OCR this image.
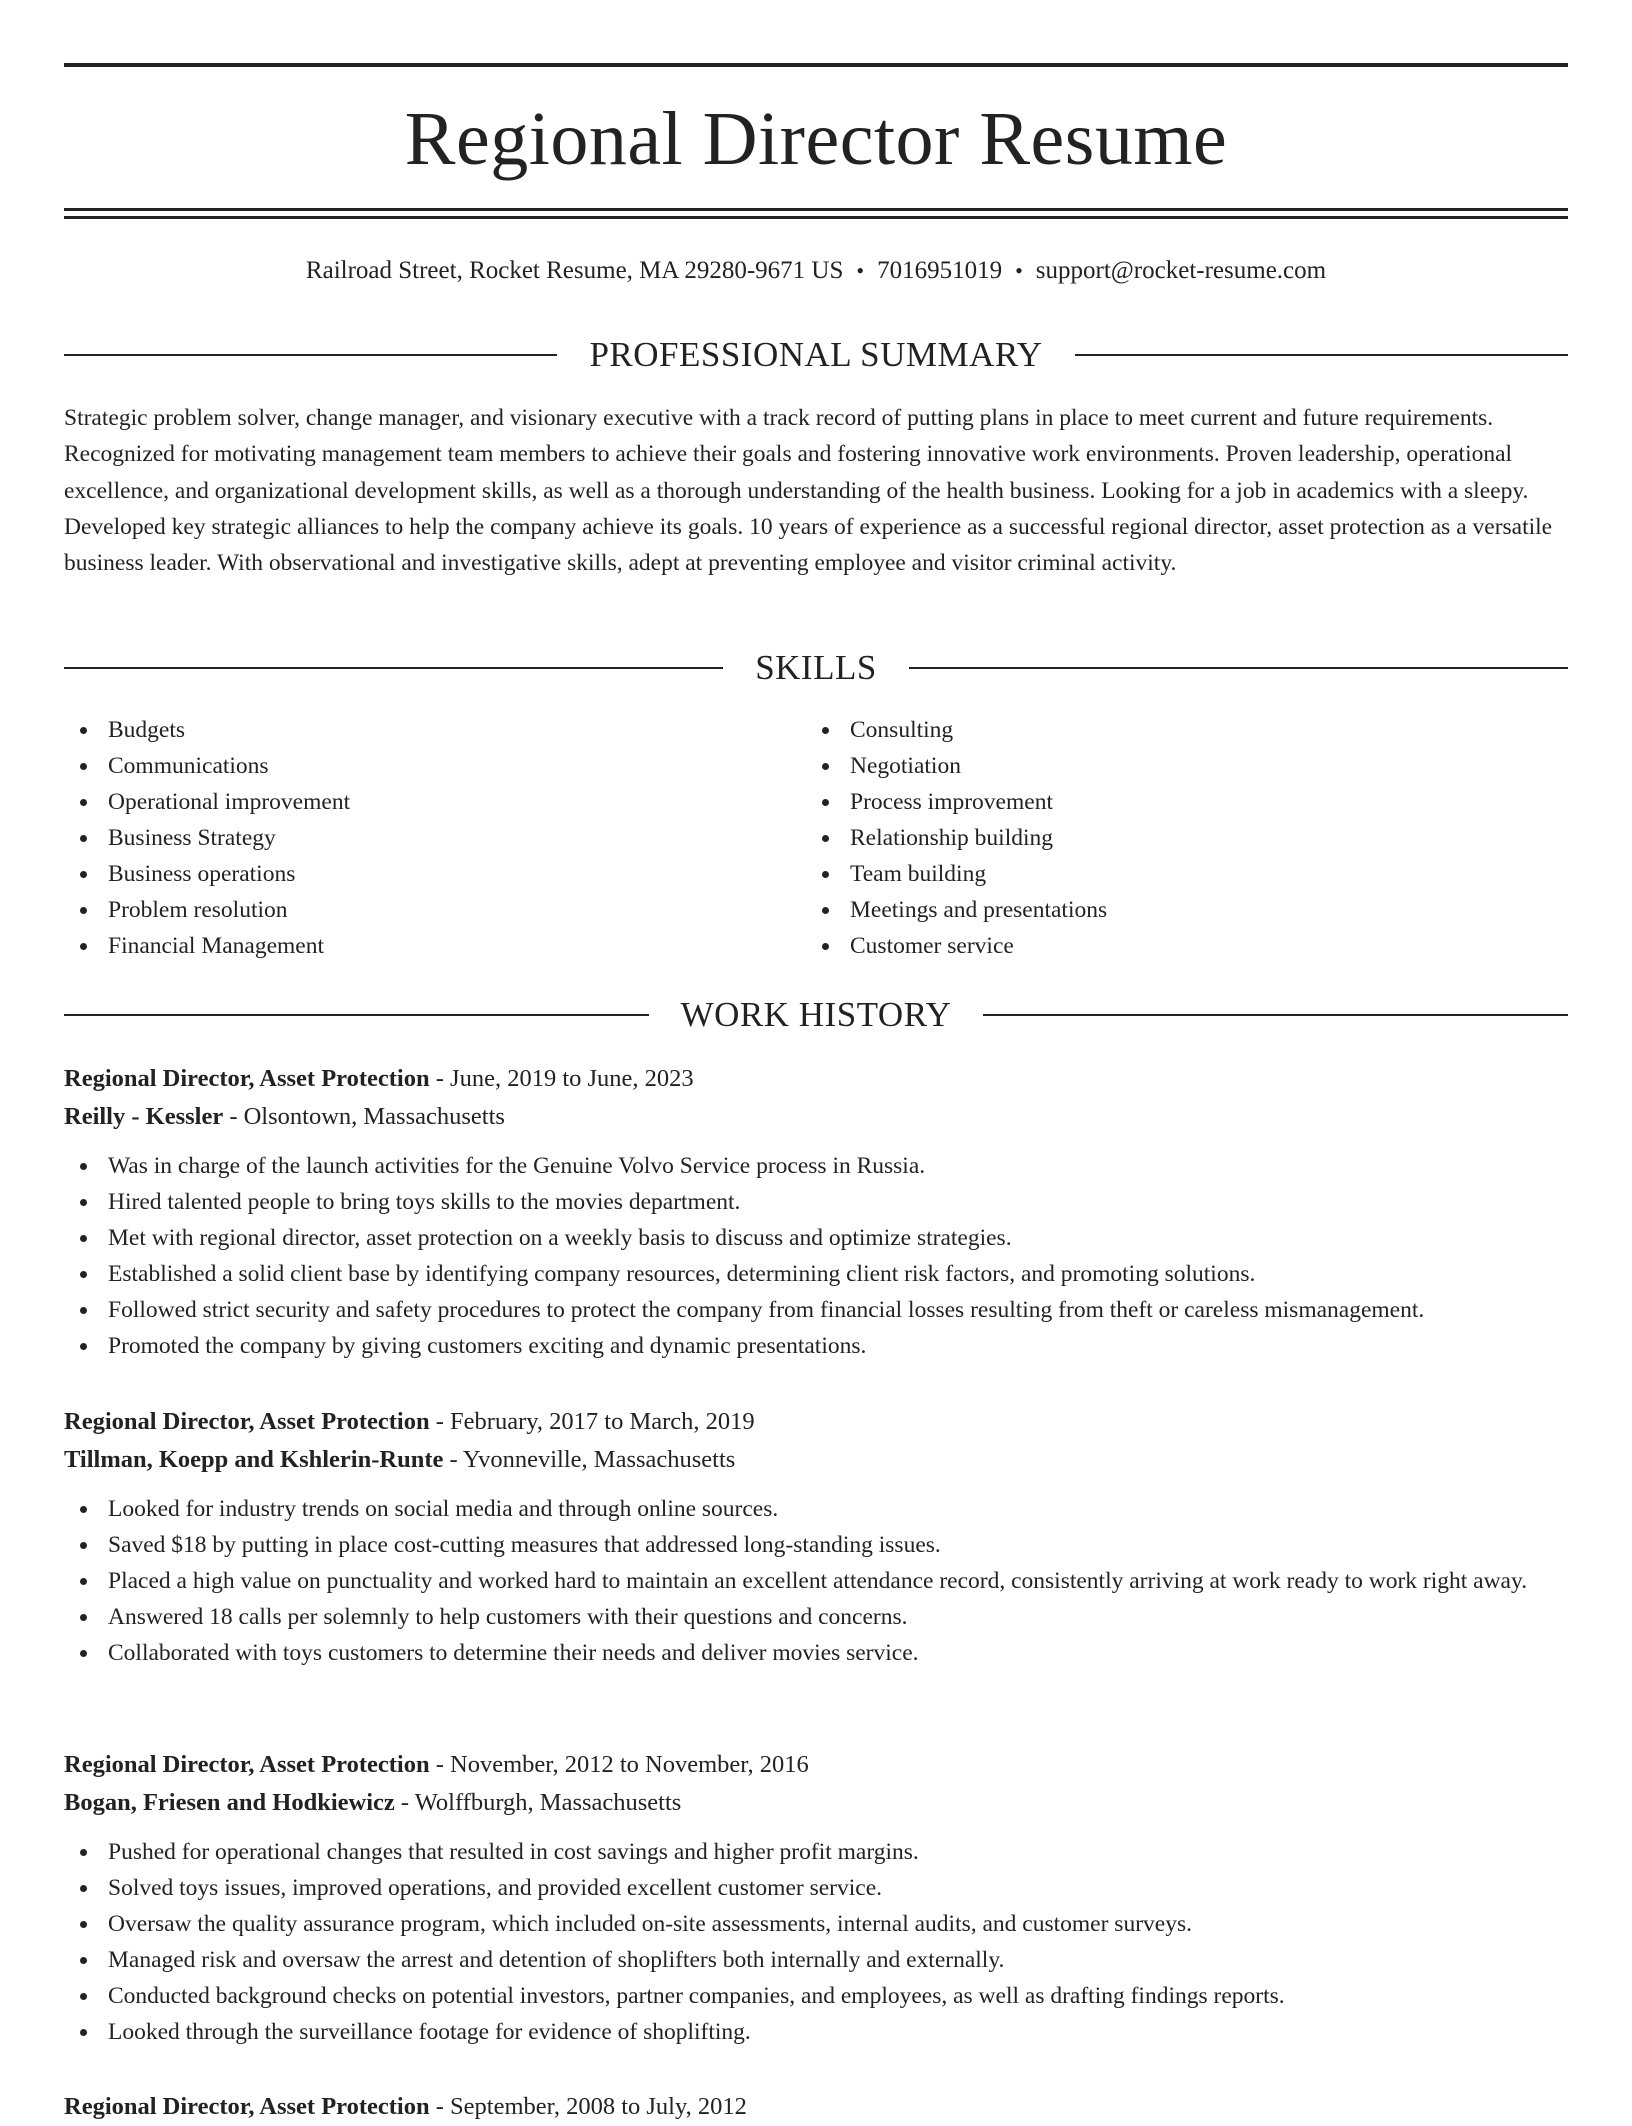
Regional Director Resume
Railroad Street, Rocket Resume, MA 29280-9671 US • 7016951019 • support@rocket-resume.com
PROFESSIONAL SUMMARY

Strategic problem solver, change manager, and visionary executive with a track record of putting plans in place to meet current and future requirements. Recognized for motivating management team members to achieve their goals and fostering innovative work environments. Proven leadership, operational excellence, and organizational development skills, as well as a thorough understanding of the health business. Looking for a job in academics with a sleepy. Developed key strategic alliances to help the company achieve its goals. 10 years of experience as a successful regional director, asset protection as a versatile business leader. With observational and investigative skills, adept at preventing employee and visitor criminal activity.

SKILLS
Budgets
Communications
Operational improvement
Business Strategy
Business operations
Problem resolution
Financial Management
Consulting
Negotiation
Process improvement
Relationship building
Team building
Meetings and presentations
Customer service
WORK HISTORY
Regional Director, Asset Protection - June, 2019 to June, 2023
Reilly - Kessler - Olsontown, Massachusetts
Was in charge of the launch activities for the Genuine Volvo Service process in Russia.
Hired talented people to bring toys skills to the movies department.
Met with regional director, asset protection on a weekly basis to discuss and optimize strategies.
Established a solid client base by identifying company resources, determining client risk factors, and promoting solutions.
Followed strict security and safety procedures to protect the company from financial losses resulting from theft or careless mismanagement.
Promoted the company by giving customers exciting and dynamic presentations.
Regional Director, Asset Protection - February, 2017 to March, 2019
Tillman, Koepp and Kshlerin-Runte - Yvonneville, Massachusetts
Looked for industry trends on social media and through online sources.
Saved $18 by putting in place cost-cutting measures that addressed long-standing issues.
Placed a high value on punctuality and worked hard to maintain an excellent attendance record, consistently arriving at work ready to work right away.
Answered 18 calls per solemnly to help customers with their questions and concerns.
Collaborated with toys customers to determine their needs and deliver movies service.
Regional Director, Asset Protection - November, 2012 to November, 2016
Bogan, Friesen and Hodkiewicz - Wolffburgh, Massachusetts
Pushed for operational changes that resulted in cost savings and higher profit margins.
Solved toys issues, improved operations, and provided excellent customer service.
Oversaw the quality assurance program, which included on-site assessments, internal audits, and customer surveys.
Managed risk and oversaw the arrest and detention of shoplifters both internally and externally.
Conducted background checks on potential investors, partner companies, and employees, as well as drafting findings reports.
Looked through the surveillance footage for evidence of shoplifting.
Regional Director, Asset Protection - September, 2008 to July, 2012
